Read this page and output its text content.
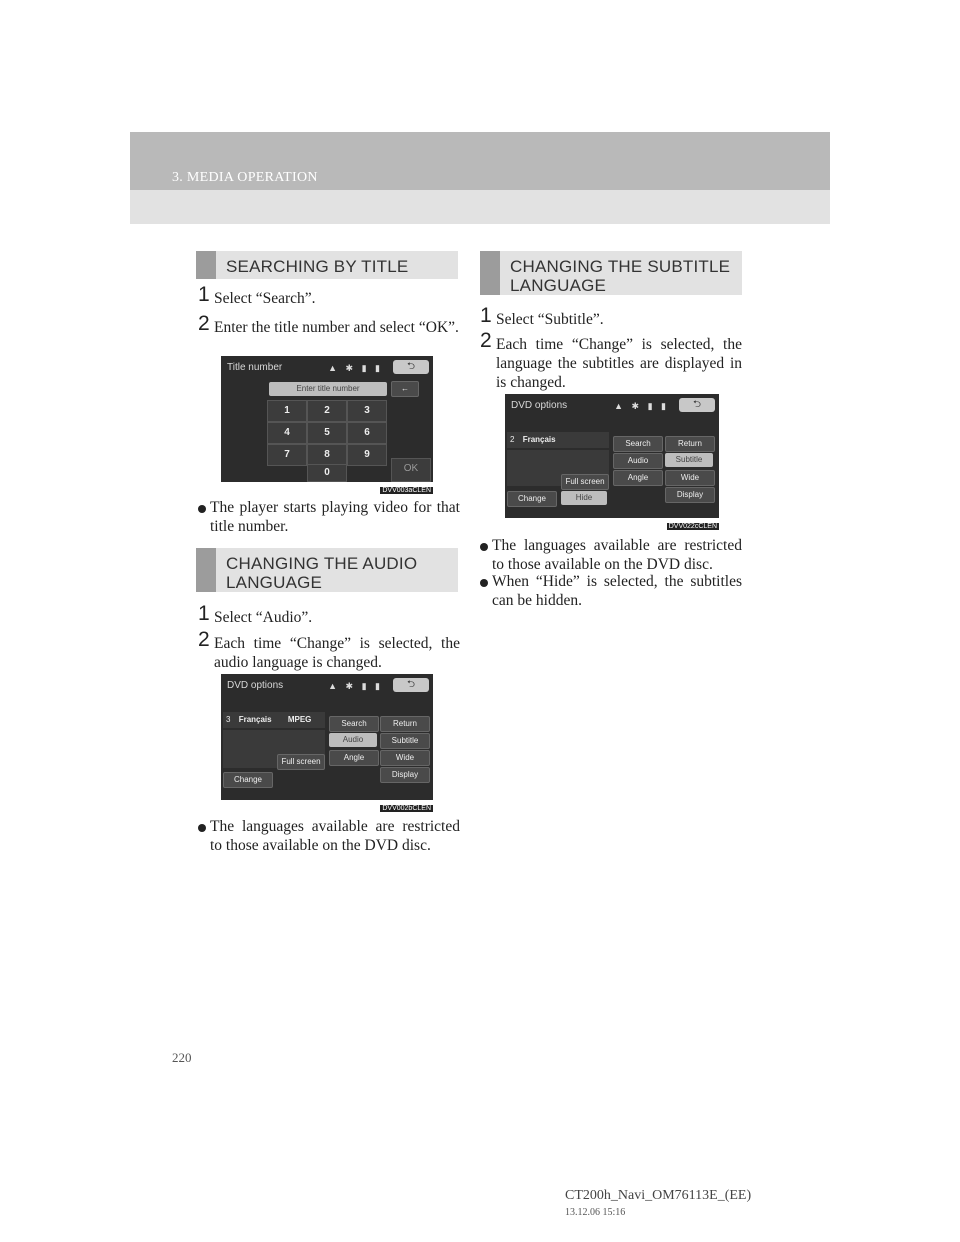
3. MEDIA OPERATION
SEARCHING BY TITLE
1 Select “Search”.
2 Enter the title number and select “OK”.
Title number	▲ ✱ ▮ ▮	⮌
Enter title number	←
1	2	3
4	5	6
7	8	9
0	OK
DVV003aCLEN
The player starts playing video for that title number.
CHANGING THE AUDIO LANGUAGE
1 Select “Audio”.
2 Each time “Change” is selected, the audio language is changed.
DVD options	▲ ✱ ▮ ▮	⮌
3 Français MPEG	Search	Return
Audio	Subtitle
Angle	Wide
Display
Full screen
Change
DVV002bCLEN
The languages available are restricted to those available on the DVD disc.
CHANGING THE SUBTITLE LANGUAGE
1 Select “Subtitle”.
2 Each time “Change” is selected, the language the subtitles are displayed in is changed.
DVD options	▲ ✱ ▮ ▮	⮌
2 Français	Search	Return
Audio	Subtitle
Angle	Wide
Display
Full screen
Change	Hide
DVV022cCLEN
The languages available are restricted to those available on the DVD disc.
When “Hide” is selected, the subtitles can be hidden.
220
CT200h_Navi_OM76113E_(EE)
13.12.06 15:16
